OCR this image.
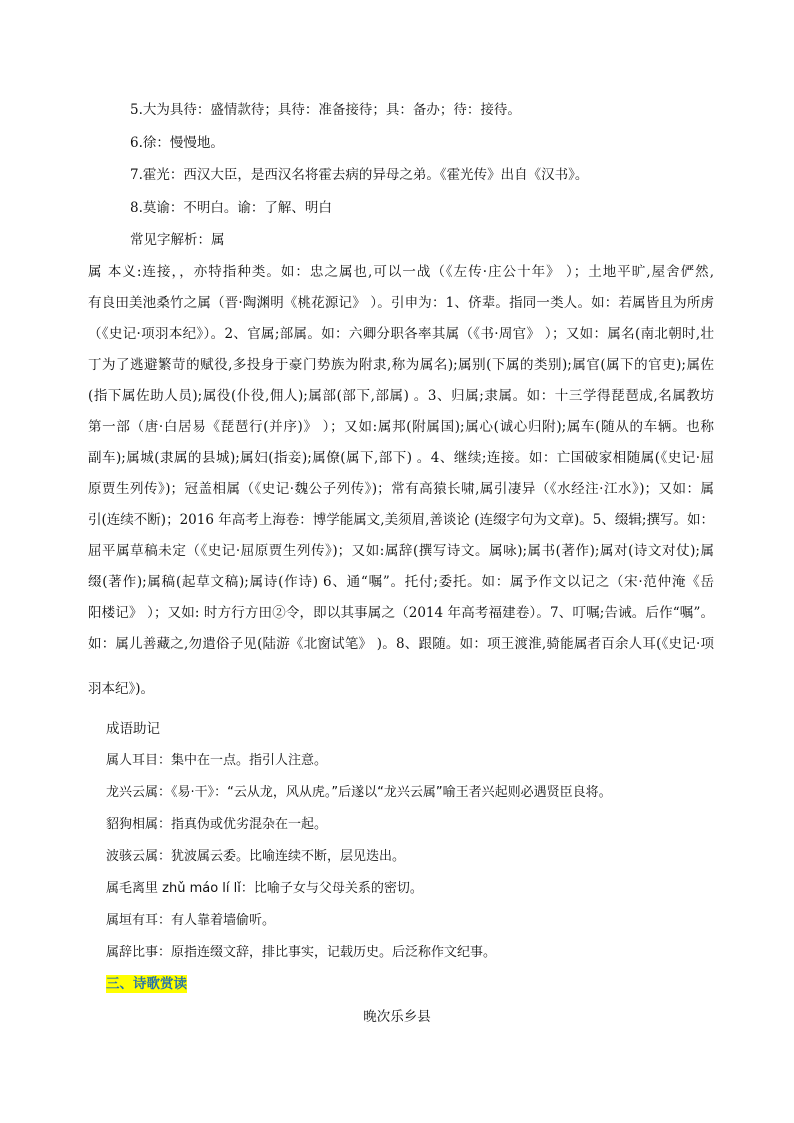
5.大为具待：盛情款待；具待：准备接待；具：备办；待：接待。
6.徐：慢慢地。
7.霍光：西汉大臣，是西汉名将霍去病的异母之弟。《霍光传》出自《汉书》。
8.莫谕：不明白。谕：了解、明白
常见字解析：属
属 本义:连接，，亦特指种类。如：忠之属也,可以一战（《左传·庄公十年》 ）；土地平旷,屋舍俨然,
有良田美池桑竹之属（晋·陶渊明《桃花源记》 ）。引申为：1、侪辈。指同一类人。如：若属皆且为所虏
（《史记·项羽本纪》）。2、官属;部属。如：六卿分职各率其属（《书·周官》 ）；又如：属名(南北朝时,壮
丁为了逃避繁苛的赋役,多投身于豪门势族为附隶,称为属名);属别(下属的类别);属官(属下的官吏);属佐
(指下属佐助人员);属役(仆役,佣人);属部(部下,部属) 。3、归属;隶属。如：十三学得琵琶成,名属教坊
第一部（唐·白居易《琵琶行(并序)》 ）；又如:属邦(附属国);属心(诚心归附);属车(随从的车辆。也称
副车);属城(隶属的县城);属妇(指妾);属僚(属下,部下) 。4、继续;连接。如：亡国破家相随属(《史记·屈
原贾生列传》)；冠盖相属（《史记·魏公子列传》)；常有高猿长啸,属引凄异（《水经注·江水》)；又如：属
引(连续不断)；2016 年高考上海卷：博学能属文,美须眉,善谈论 (连缀字句为文章)。5、缀辑;撰写。如：
屈平属草稿未定（《史记·屈原贾生列传》)；又如:属辞(撰写诗文。属咏);属书(著作);属对(诗文对仗);属
缀(著作);属稿(起草文稿);属诗(作诗) 6、通“嘱”。托付;委托。如：属予作文以记之（宋·范仲淹《岳
阳楼记》 ）；又如: 时方行方田②令，即以其事属之（2014 年高考福建卷）。7、叮嘱;告诫。后作“嘱”。
如：属儿善藏之,勿遣俗子见(陆游《北窗试笔》 )。8、跟随。如：项王渡淮,骑能属者百余人耳(《史记·项
羽本纪》)。
成语助记
属人耳目：集中在一点。指引人注意。
龙兴云属：《易·干》：“云从龙，风从虎。”后遂以“龙兴云属”喻王者兴起则必遇贤臣良将。
貂狗相属：指真伪或优劣混杂在一起。
波骇云属：犹波属云委。比喻连续不断，层见迭出。
属毛离里 zhǔ máo lí lǐ：比喻子女与父母关系的密切。
属垣有耳：有人靠着墙偷听。
属辞比事：原指连缀文辞，排比事实，记载历史。后泛称作文纪事。
三、诗歌赏读
晚次乐乡县
